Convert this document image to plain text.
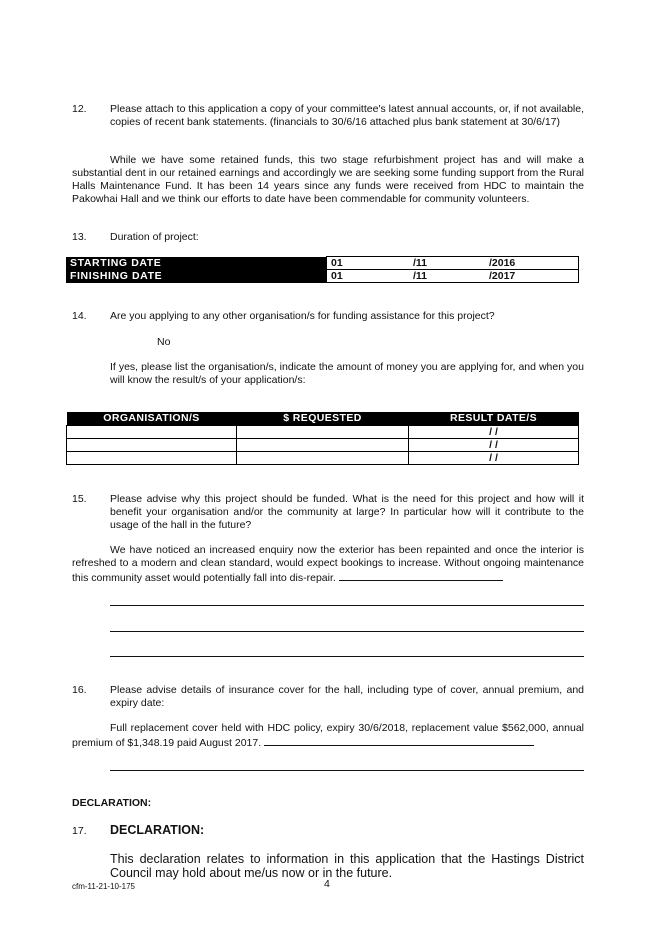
12. Please attach to this application a copy of your committee's latest annual accounts, or, if not available, copies of recent bank statements. (financials to 30/6/16 attached plus bank statement at 30/6/17)
While we have some retained funds, this two stage refurbishment project has and will make a substantial dent in our retained earnings and accordingly we are seeking some funding support from the Rural Halls Maintenance Fund. It has been 14 years since any funds were received from HDC to maintain the Pakowhai Hall and we think our efforts to date have been commendable for community volunteers.
13. Duration of project:
STARTING DATE	01 /11 /2016
FINISHING DATE	01 /11 /2017
14. Are you applying to any other organisation/s for funding assistance for this project?
No
If yes, please list the organisation/s, indicate the amount of money you are applying for, and when you will know the result/s of your application/s:
ORGANISATION/S	$ REQUESTED	RESULT DATE/S
		/ /
		/ /
		/ /
15. Please advise why this project should be funded. What is the need for this project and how will it benefit your organisation and/or the community at large? In particular how will it contribute to the usage of the hall in the future?
We have noticed an increased enquiry now the exterior has been repainted and once the interior is refreshed to a modern and clean standard, would expect bookings to increase. Without ongoing maintenance this community asset would potentially fall into dis-repair.
16. Please advise details of insurance cover for the hall, including type of cover, annual premium, and expiry date:
Full replacement cover held with HDC policy, expiry 30/6/2018, replacement value $562,000, annual premium of $1,348.19 paid August 2017.
DECLARATION:
17. DECLARATION:
This declaration relates to information in this application that the Hastings District Council may hold about me/us now or in the future.
cfm-11-21-10-175	4
